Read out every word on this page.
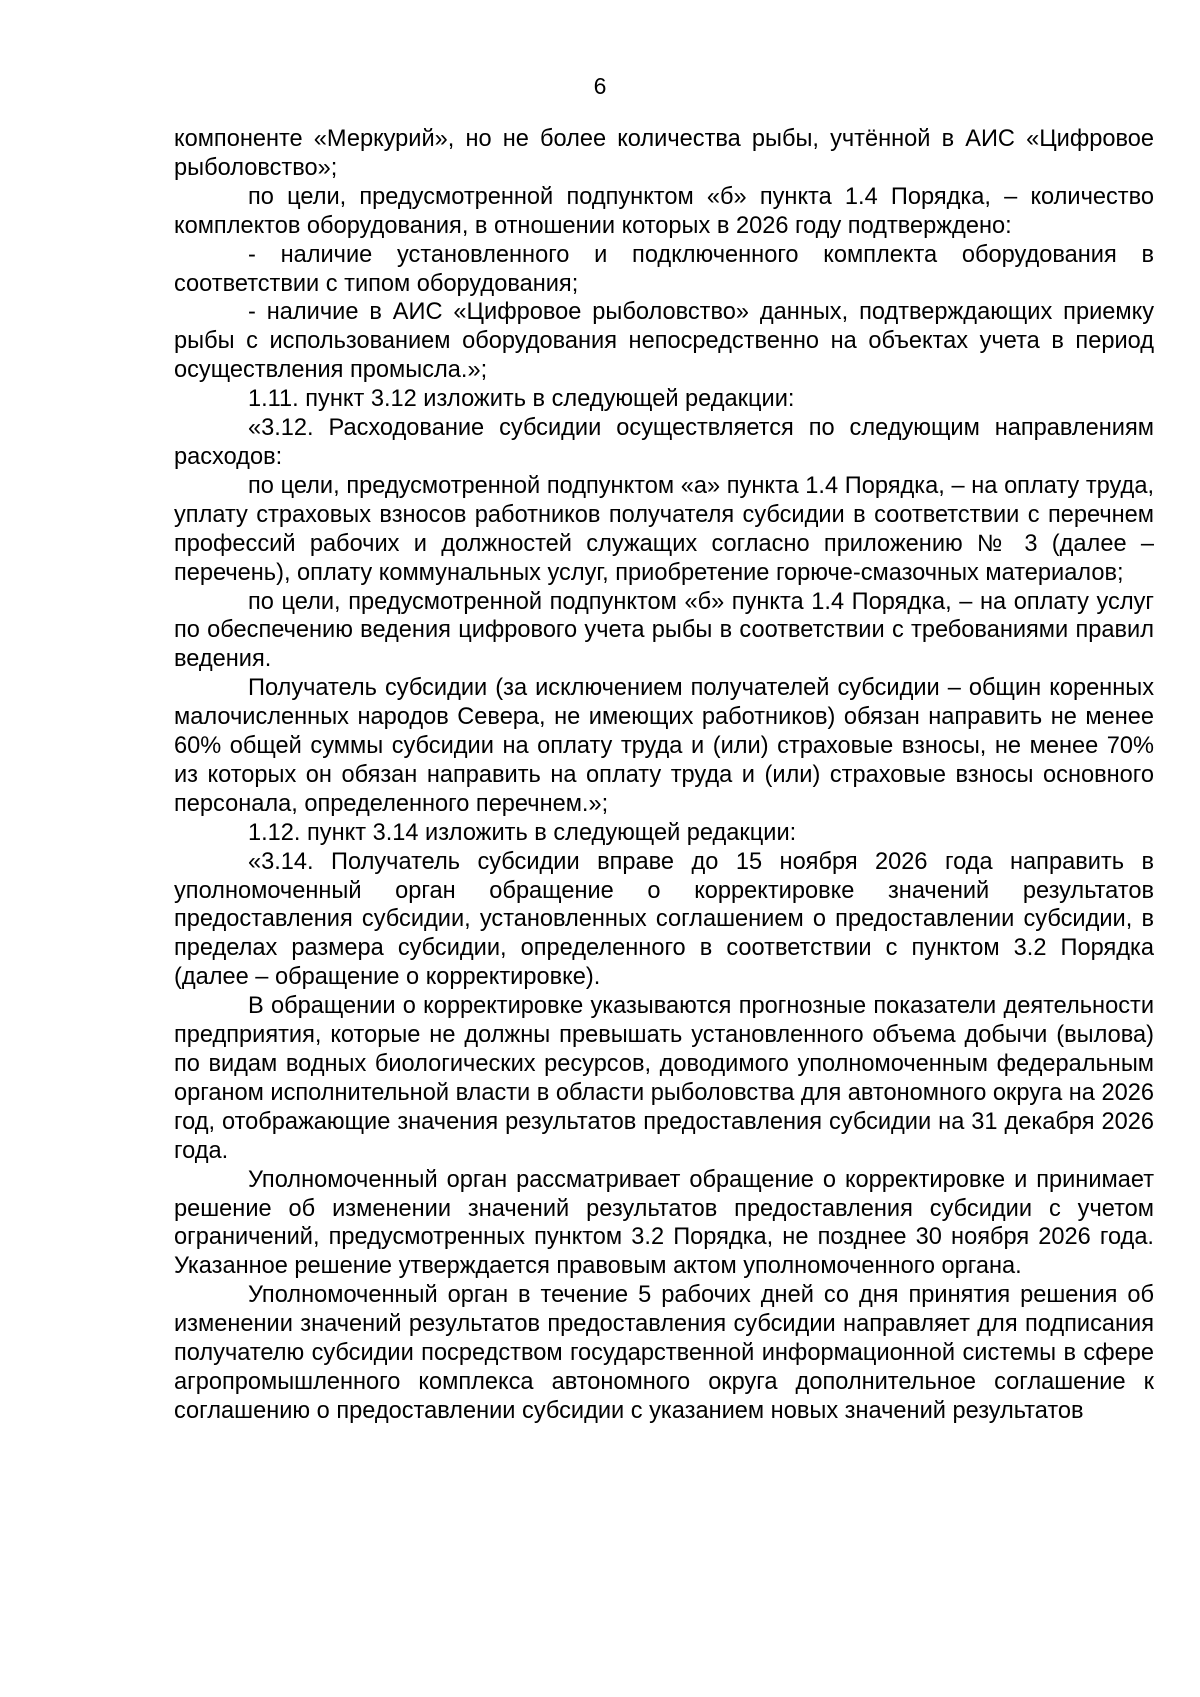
6

компоненте «Меркурий», но не более количества рыбы, учтённой в АИС «Цифровое рыболовство»;

по цели, предусмотренной подпунктом «б» пункта 1.4 Порядка, – количество комплектов оборудования, в отношении которых в 2026 году подтверждено:

- наличие установленного и подключенного комплекта оборудования в соответствии с типом оборудования;

- наличие в АИС «Цифровое рыболовство» данных, подтверждающих приемку рыбы с использованием оборудования непосредственно на объектах учета в период осуществления промысла.»;

1.11. пункт 3.12 изложить в следующей редакции:

«3.12. Расходование субсидии осуществляется по следующим направлениям расходов:

по цели, предусмотренной подпунктом «а» пункта 1.4 Порядка, – на оплату труда, уплату страховых взносов работников получателя субсидии в соответствии с перечнем профессий рабочих и должностей служащих согласно приложению № 3 (далее – перечень), оплату коммунальных услуг, приобретение горюче-смазочных материалов;

по цели, предусмотренной подпунктом «б» пункта 1.4 Порядка, – на оплату услуг по обеспечению ведения цифрового учета рыбы в соответствии с требованиями правил ведения.

Получатель субсидии (за исключением получателей субсидии – общин коренных малочисленных народов Севера, не имеющих работников) обязан направить не менее 60% общей суммы субсидии на оплату труда и (или) страховые взносы, не менее 70% из которых он обязан направить на оплату труда и (или) страховые взносы основного персонала, определенного перечнем.»;

1.12. пункт 3.14 изложить в следующей редакции:

«3.14. Получатель субсидии вправе до 15 ноября 2026 года направить в уполномоченный орган обращение о корректировке значений результатов предоставления субсидии, установленных соглашением о предоставлении субсидии, в пределах размера субсидии, определенного в соответствии с пунктом 3.2 Порядка (далее – обращение о корректировке).

В обращении о корректировке указываются прогнозные показатели деятельности предприятия, которые не должны превышать установленного объема добычи (вылова) по видам водных биологических ресурсов, доводимого уполномоченным федеральным органом исполнительной власти в области рыболовства для автономного округа на 2026 год, отображающие значения результатов предоставления субсидии на 31 декабря 2026 года.

Уполномоченный орган рассматривает обращение о корректировке и принимает решение об изменении значений результатов предоставления субсидии с учетом ограничений, предусмотренных пунктом 3.2 Порядка, не позднее 30 ноября 2026 года. Указанное решение утверждается правовым актом уполномоченного органа.

Уполномоченный орган в течение 5 рабочих дней со дня принятия решения об изменении значений результатов предоставления субсидии направляет для подписания получателю субсидии посредством государственной информационной системы в сфере агропромышленного комплекса автономного округа дополнительное соглашение к соглашению о предоставлении субсидии с указанием новых значений результатов
